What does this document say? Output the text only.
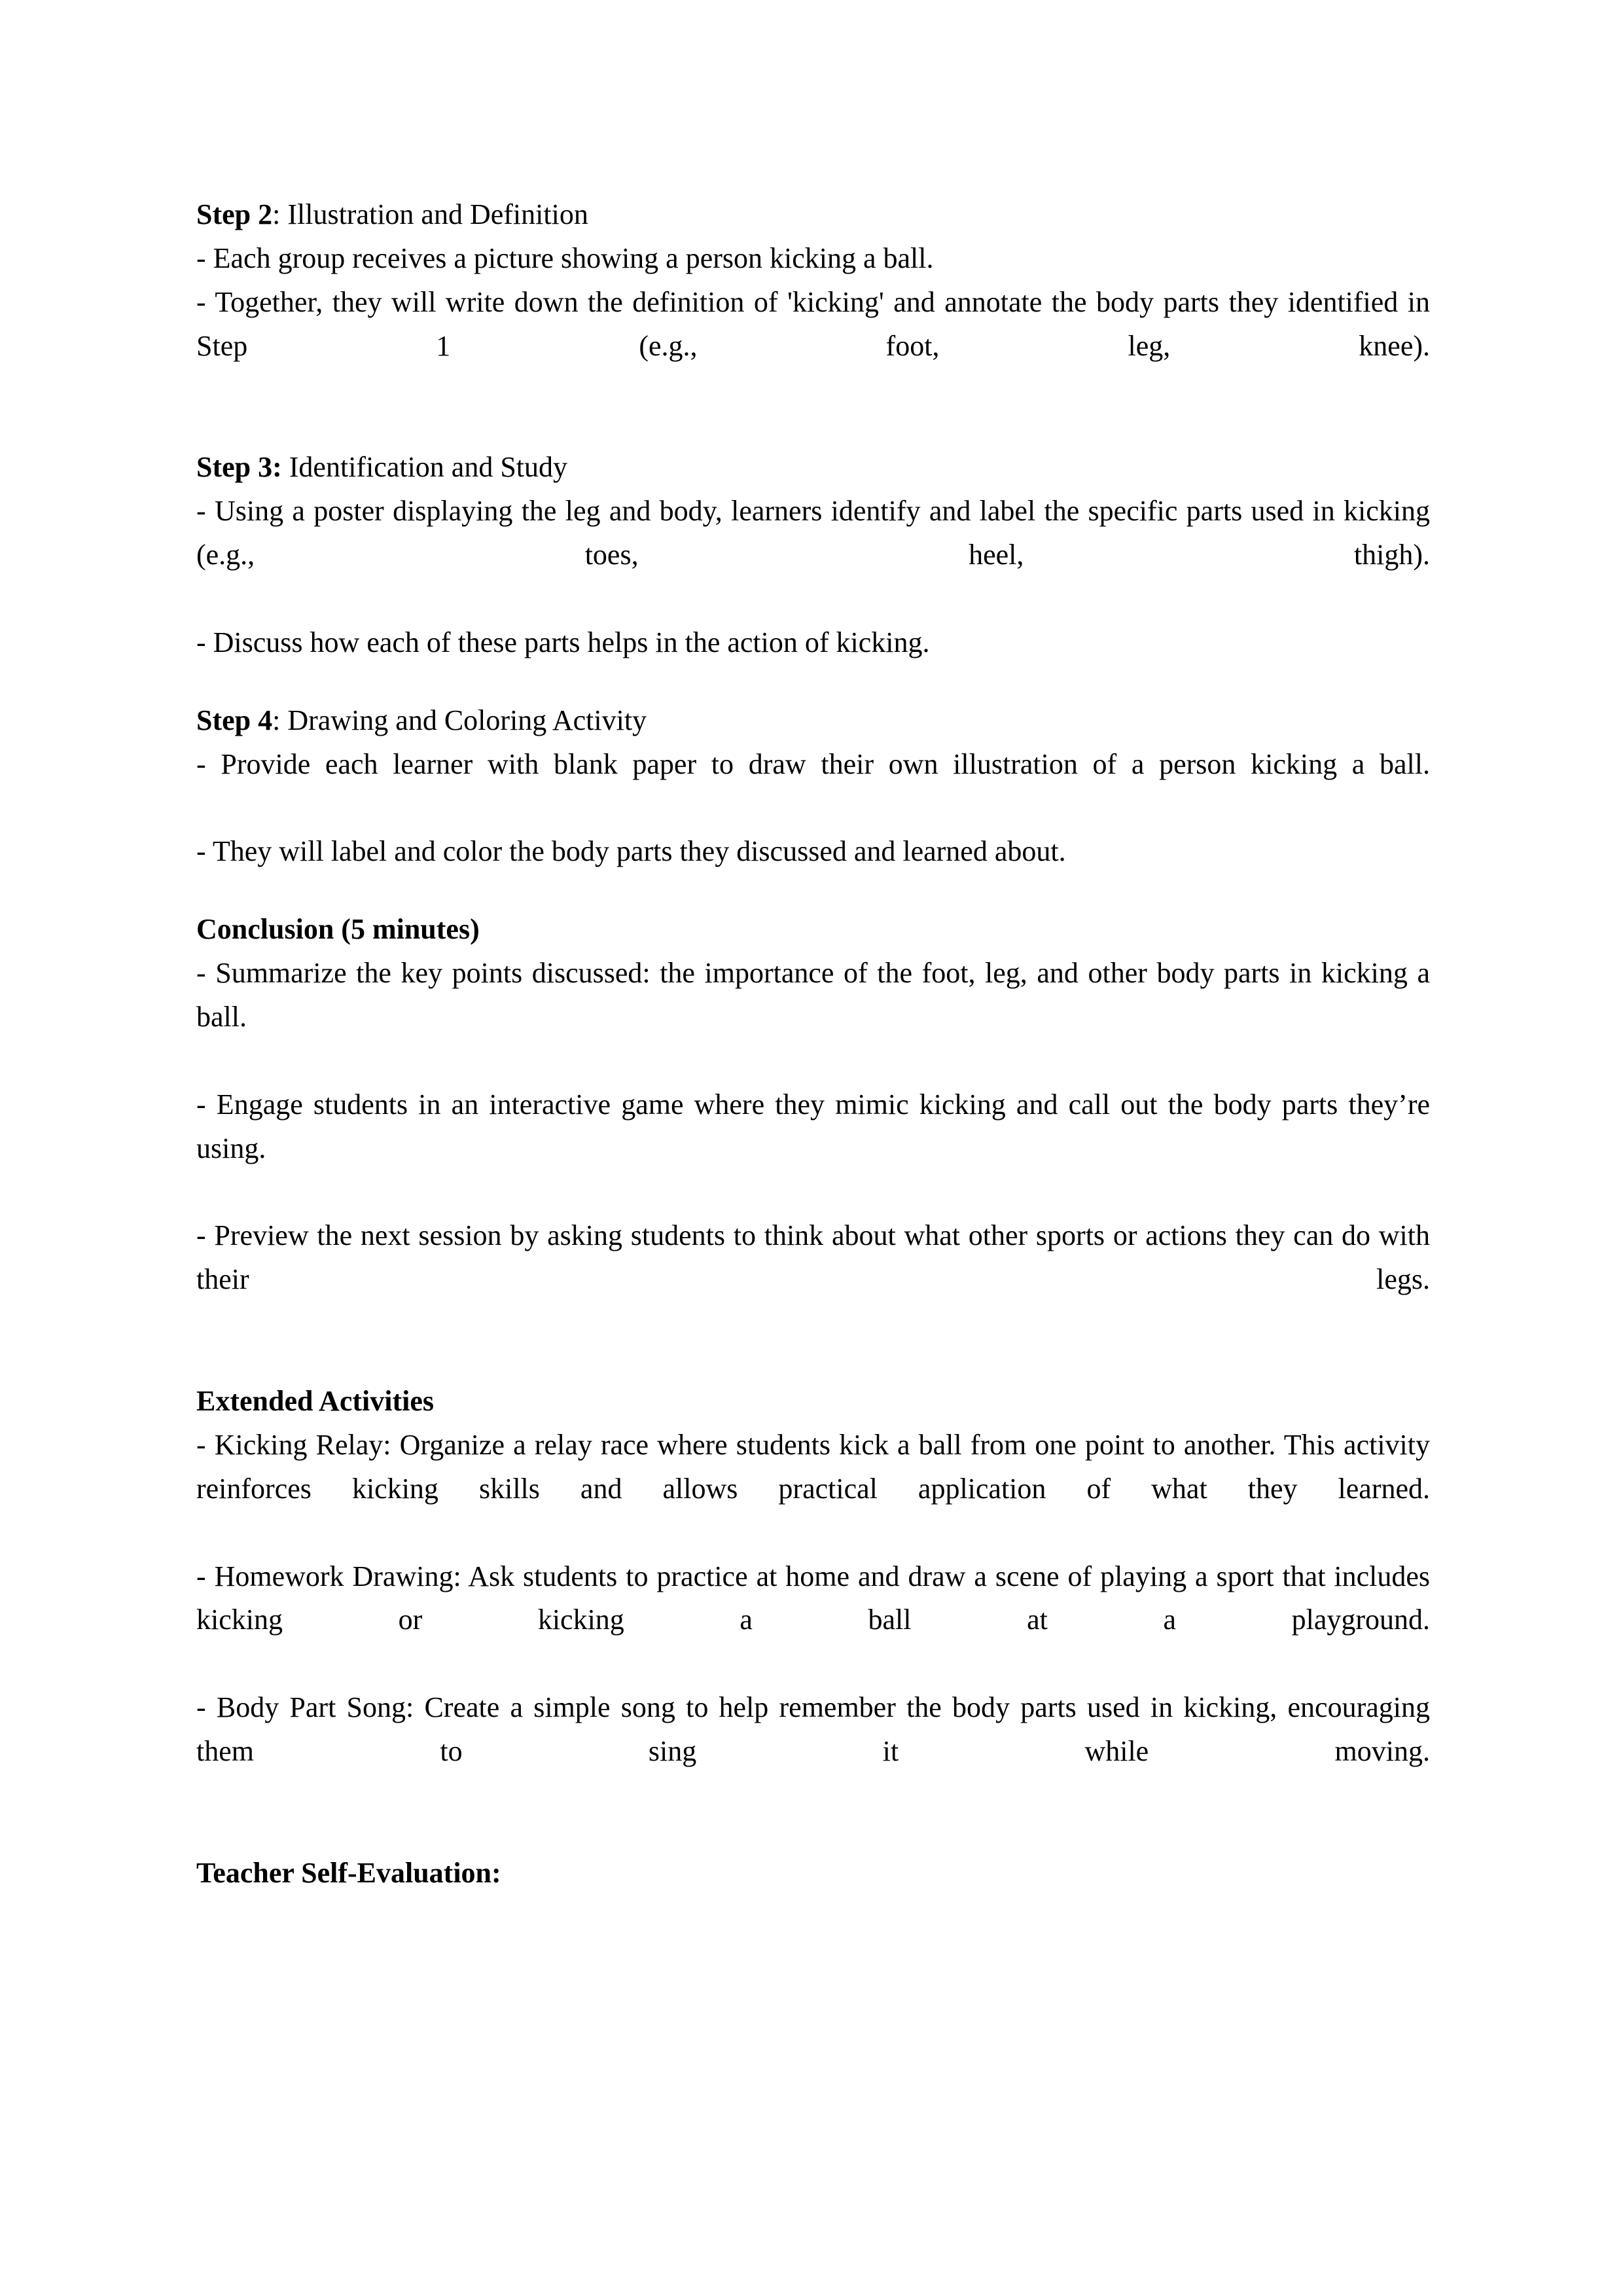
Step 2: Illustration and Definition

- Each group receives a picture showing a person kicking a ball.

- Together, they will write down the definition of 'kicking' and annotate the body parts they identified in Step 1 (e.g., foot, leg, knee).

Step 3: Identification and Study

- Using a poster displaying the leg and body, learners identify and label the specific parts used in kicking (e.g., toes, heel, thigh).

- Discuss how each of these parts helps in the action of kicking.

Step 4: Drawing and Coloring Activity

- Provide each learner with blank paper to draw their own illustration of a person kicking a ball.

- They will label and color the body parts they discussed and learned about.

Conclusion (5 minutes)

- Summarize the key points discussed: the importance of the foot, leg, and other body parts in kicking a ball.

- Engage students in an interactive game where they mimic kicking and call out the body parts they’re using.

- Preview the next session by asking students to think about what other sports or actions they can do with their legs.

Extended Activities

- Kicking Relay: Organize a relay race where students kick a ball from one point to another. This activity reinforces kicking skills and allows practical application of what they learned.

- Homework Drawing: Ask students to practice at home and draw a scene of playing a sport that includes kicking or kicking a ball at a playground.

- Body Part Song: Create a simple song to help remember the body parts used in kicking, encouraging them to sing it while moving.

Teacher Self-Evaluation:
